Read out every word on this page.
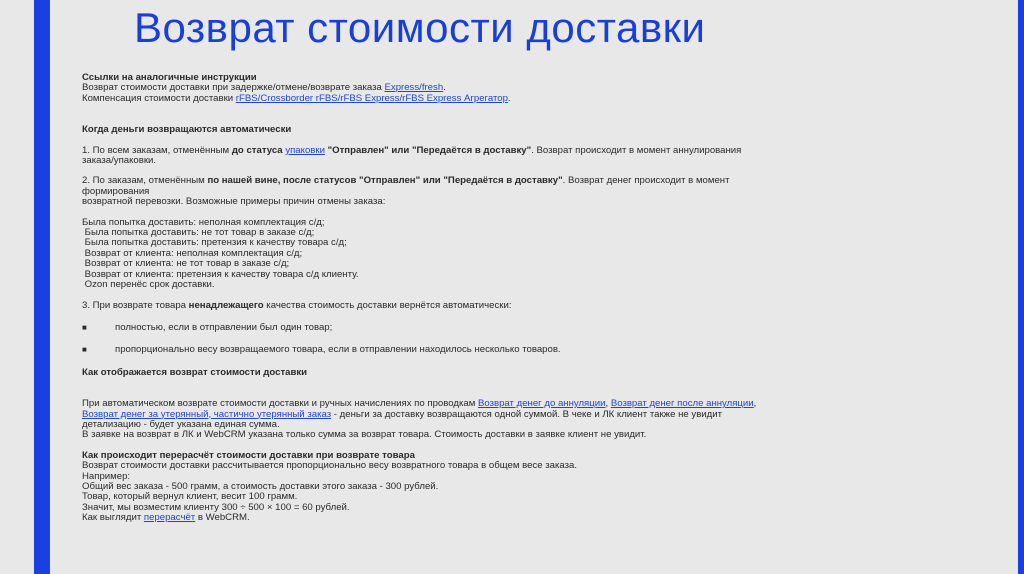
Возврат стоимости доставки
Ссылки на аналогичные инструкции
Возврат стоимости доставки при задержке/отмене/возврате заказа Express/fresh.
Компенсация стоимости доставки rFBS/Crossborder rFBS/rFBS Express/rFBS Express Агрегатор.
Когда деньги возвращаются автоматически
1. По всем заказам, отменённым до статуса упаковки "Отправлен" или "Передаётся в доставку". Возврат происходит в момент аннулирования
заказа/упаковки.
2. По заказам, отменённым по нашей вине, после статусов "Отправлен" или "Передаётся в доставку". Возврат денег происходит в момент
формирования
возвратной перевозки. Возможные примеры причин отмены заказа:
Была попытка доставить: неполная комплектация с/д;
Была попытка доставить: не тот товар в заказе с/д;
Была попытка доставить: претензия к качеству товара с/д;
Возврат от клиента: неполная комплектация с/д;
Возврат от клиента: не тот товар в заказе с/д;
Возврат от клиента: претензия к качеству товара с/д клиенту.
Ozon перенёс срок доставки.
3. При возврате товара ненадлежащего качества стоимость доставки вернётся автоматически:
■	полностью, если в отправлении был один товар;
■	пропорционально весу возвращаемого товара, если в отправлении находилось несколько товаров.
Как отображается возврат стоимости доставки
При автоматическом возврате стоимости доставки и ручных начислениях по проводкам Возврат денег до аннуляции, Возврат денег после аннуляции,
Возврат денег за утерянный, частично утерянный заказ - деньги за доставку возвращаются одной суммой. В чеке и ЛК клиент также не увидит
детализацию - будет указана единая сумма.
В заявке на возврат в ЛК и WebCRM указана только сумма за возврат товара. Стоимость доставки в заявке клиент не увидит.
Как происходит перерасчёт стоимости доставки при возврате товара
Возврат стоимости доставки рассчитывается пропорционально весу возвратного товара в общем весе заказа.
Например:
Общий вес заказа - 500 грамм, а стоимость доставки этого заказа - 300 рублей.
Товар, который вернул клиент, весит 100 грамм.
Значит, мы возместим клиенту 300 ÷ 500 × 100 = 60 рублей.
Как выглядит перерасчёт в WebCRM.
